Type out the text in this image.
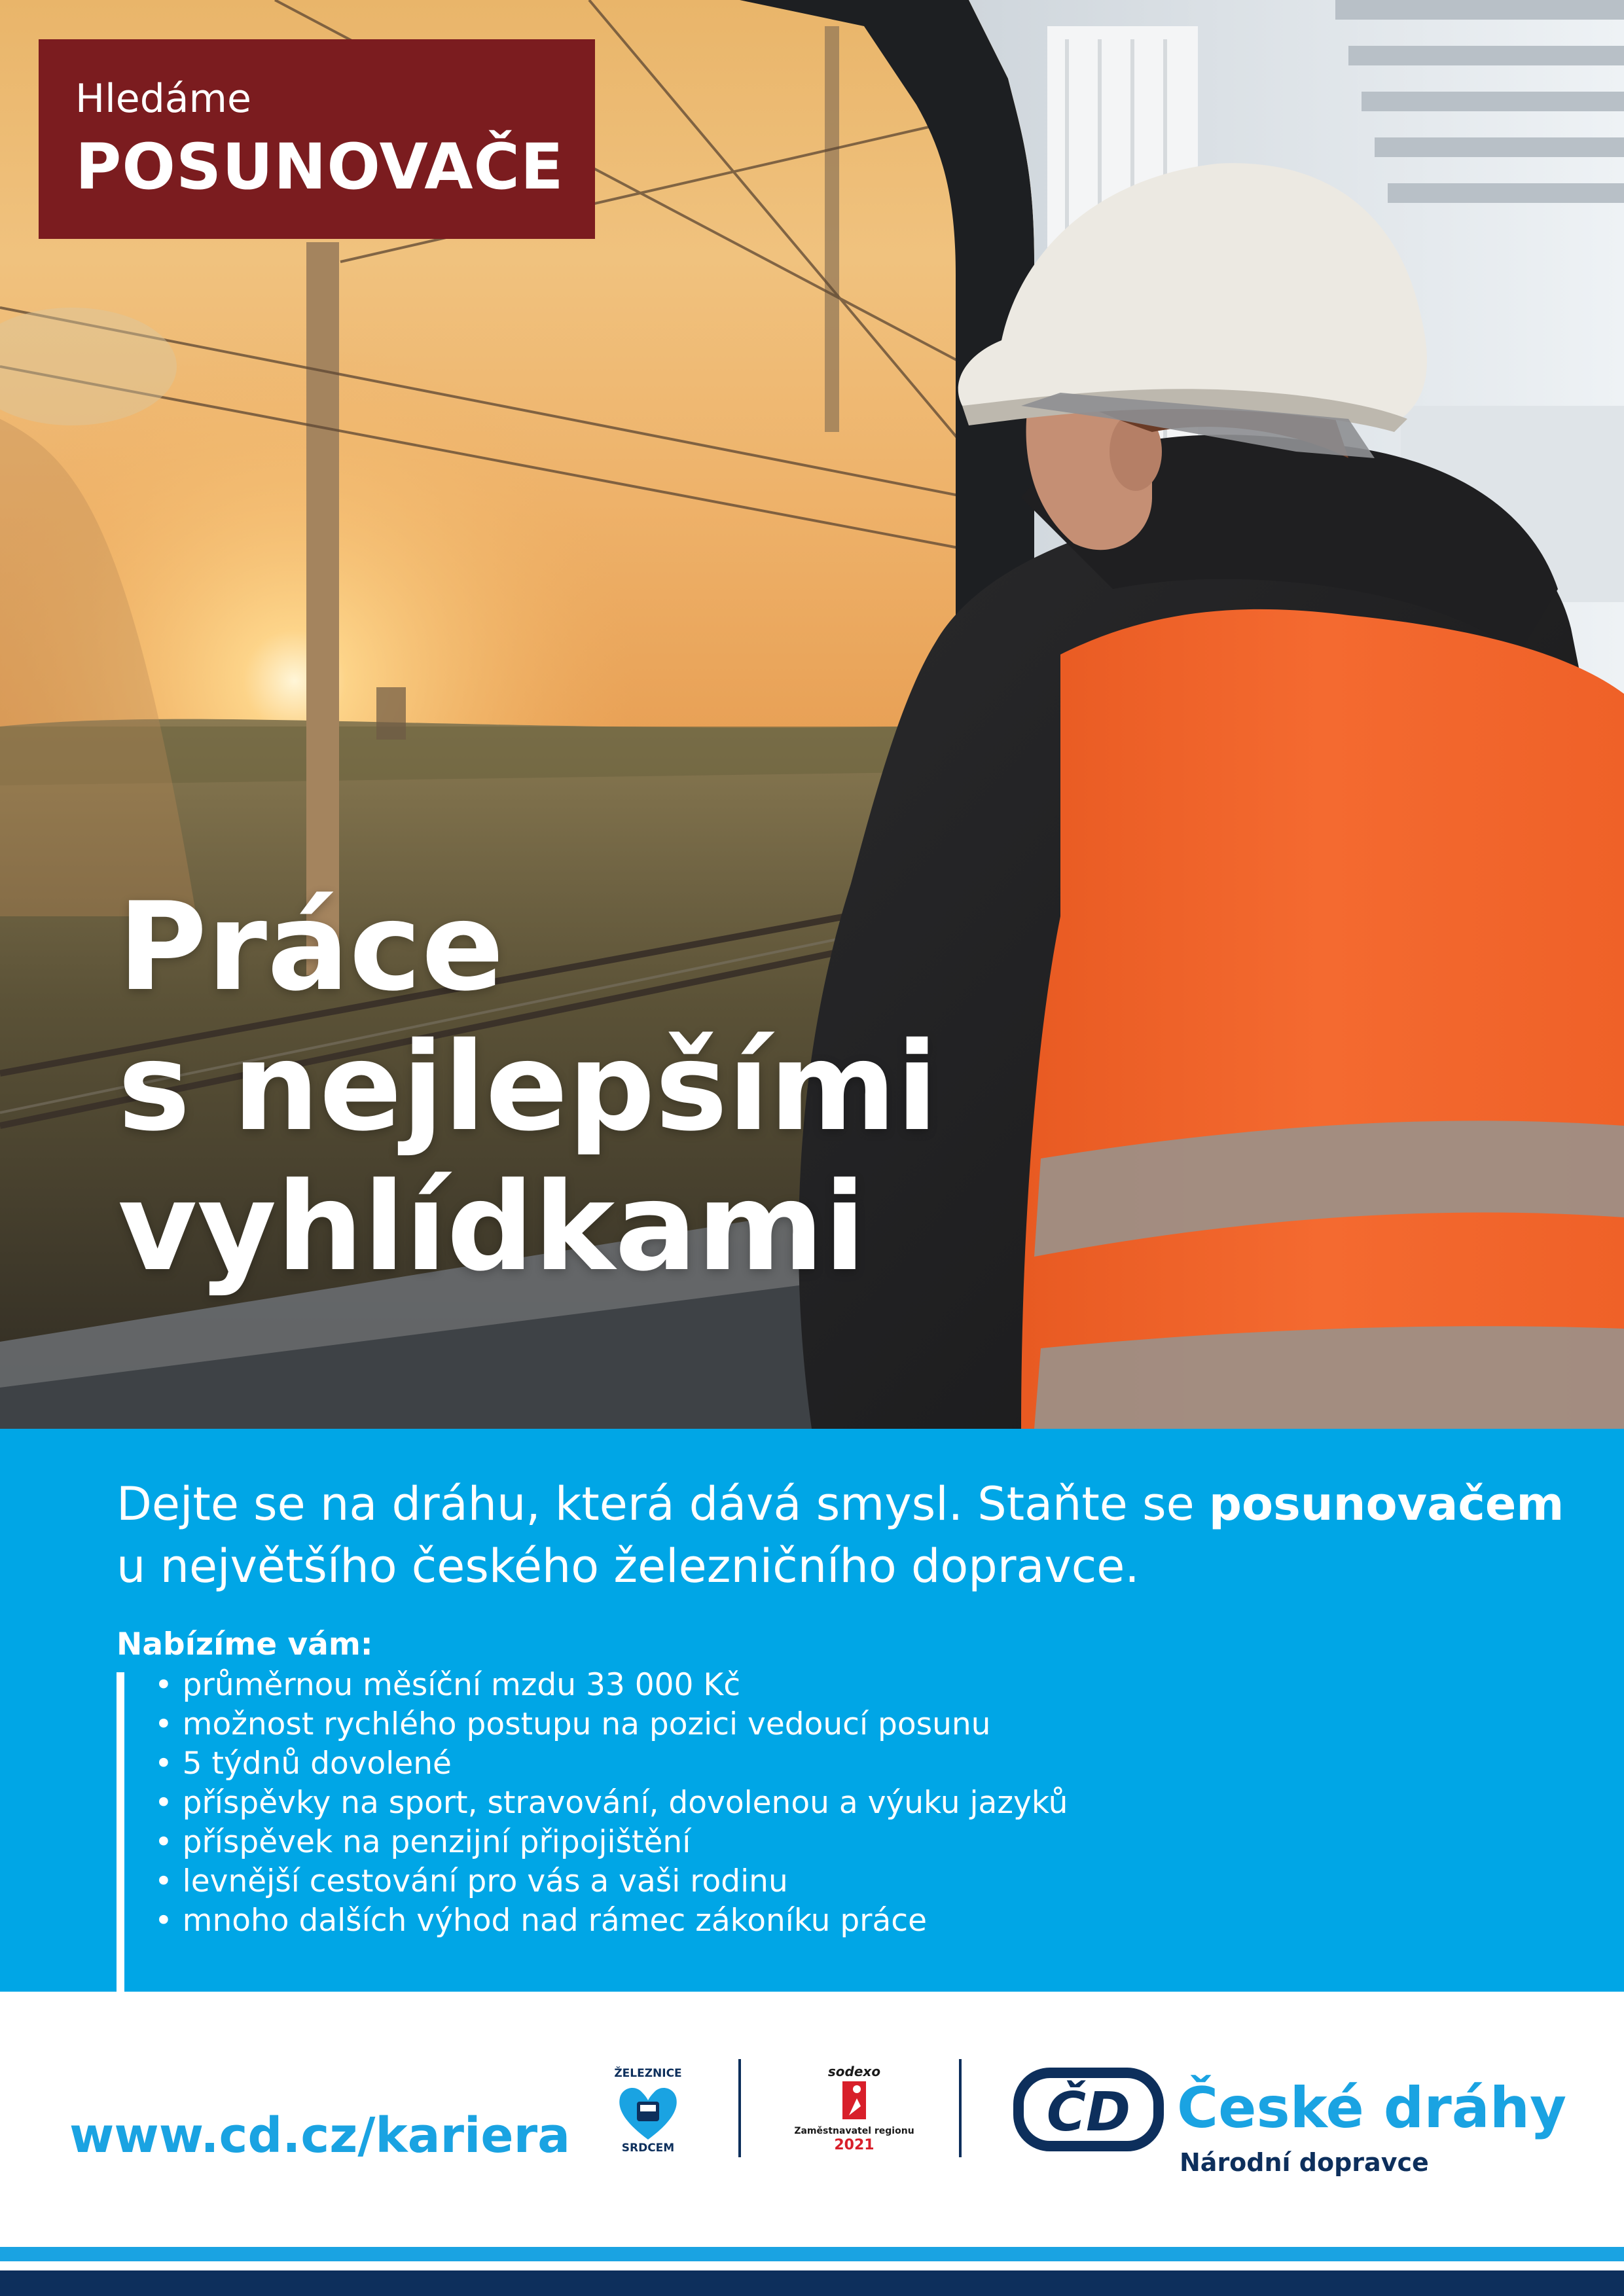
Hledáme
POSUNOVAČE
Práce
s nejlepšími
vyhlídkami
Dejte se na dráhu, která dává smysl. Staňte se posunovačem
u největšího českého železničního dopravce.
Nabízíme vám:
• průměrnou měsíční mzdu 33 000 Kč
• možnost rychlého postupu na pozici vedoucí posunu
• 5 týdnů dovolené
• příspěvky na sport, stravování, dovolenou a výuku jazyků
• příspěvek na penzijní připojištění
• levnější cestování pro vás a vaši rodinu
• mnoho dalších výhod nad rámec zákoníku práce
www.cd.cz/kariera
ŽELEZNICE
SRDCEM
sodexo
Zaměstnavatel regionu
2021
ČD České dráhy
Národní dopravce
